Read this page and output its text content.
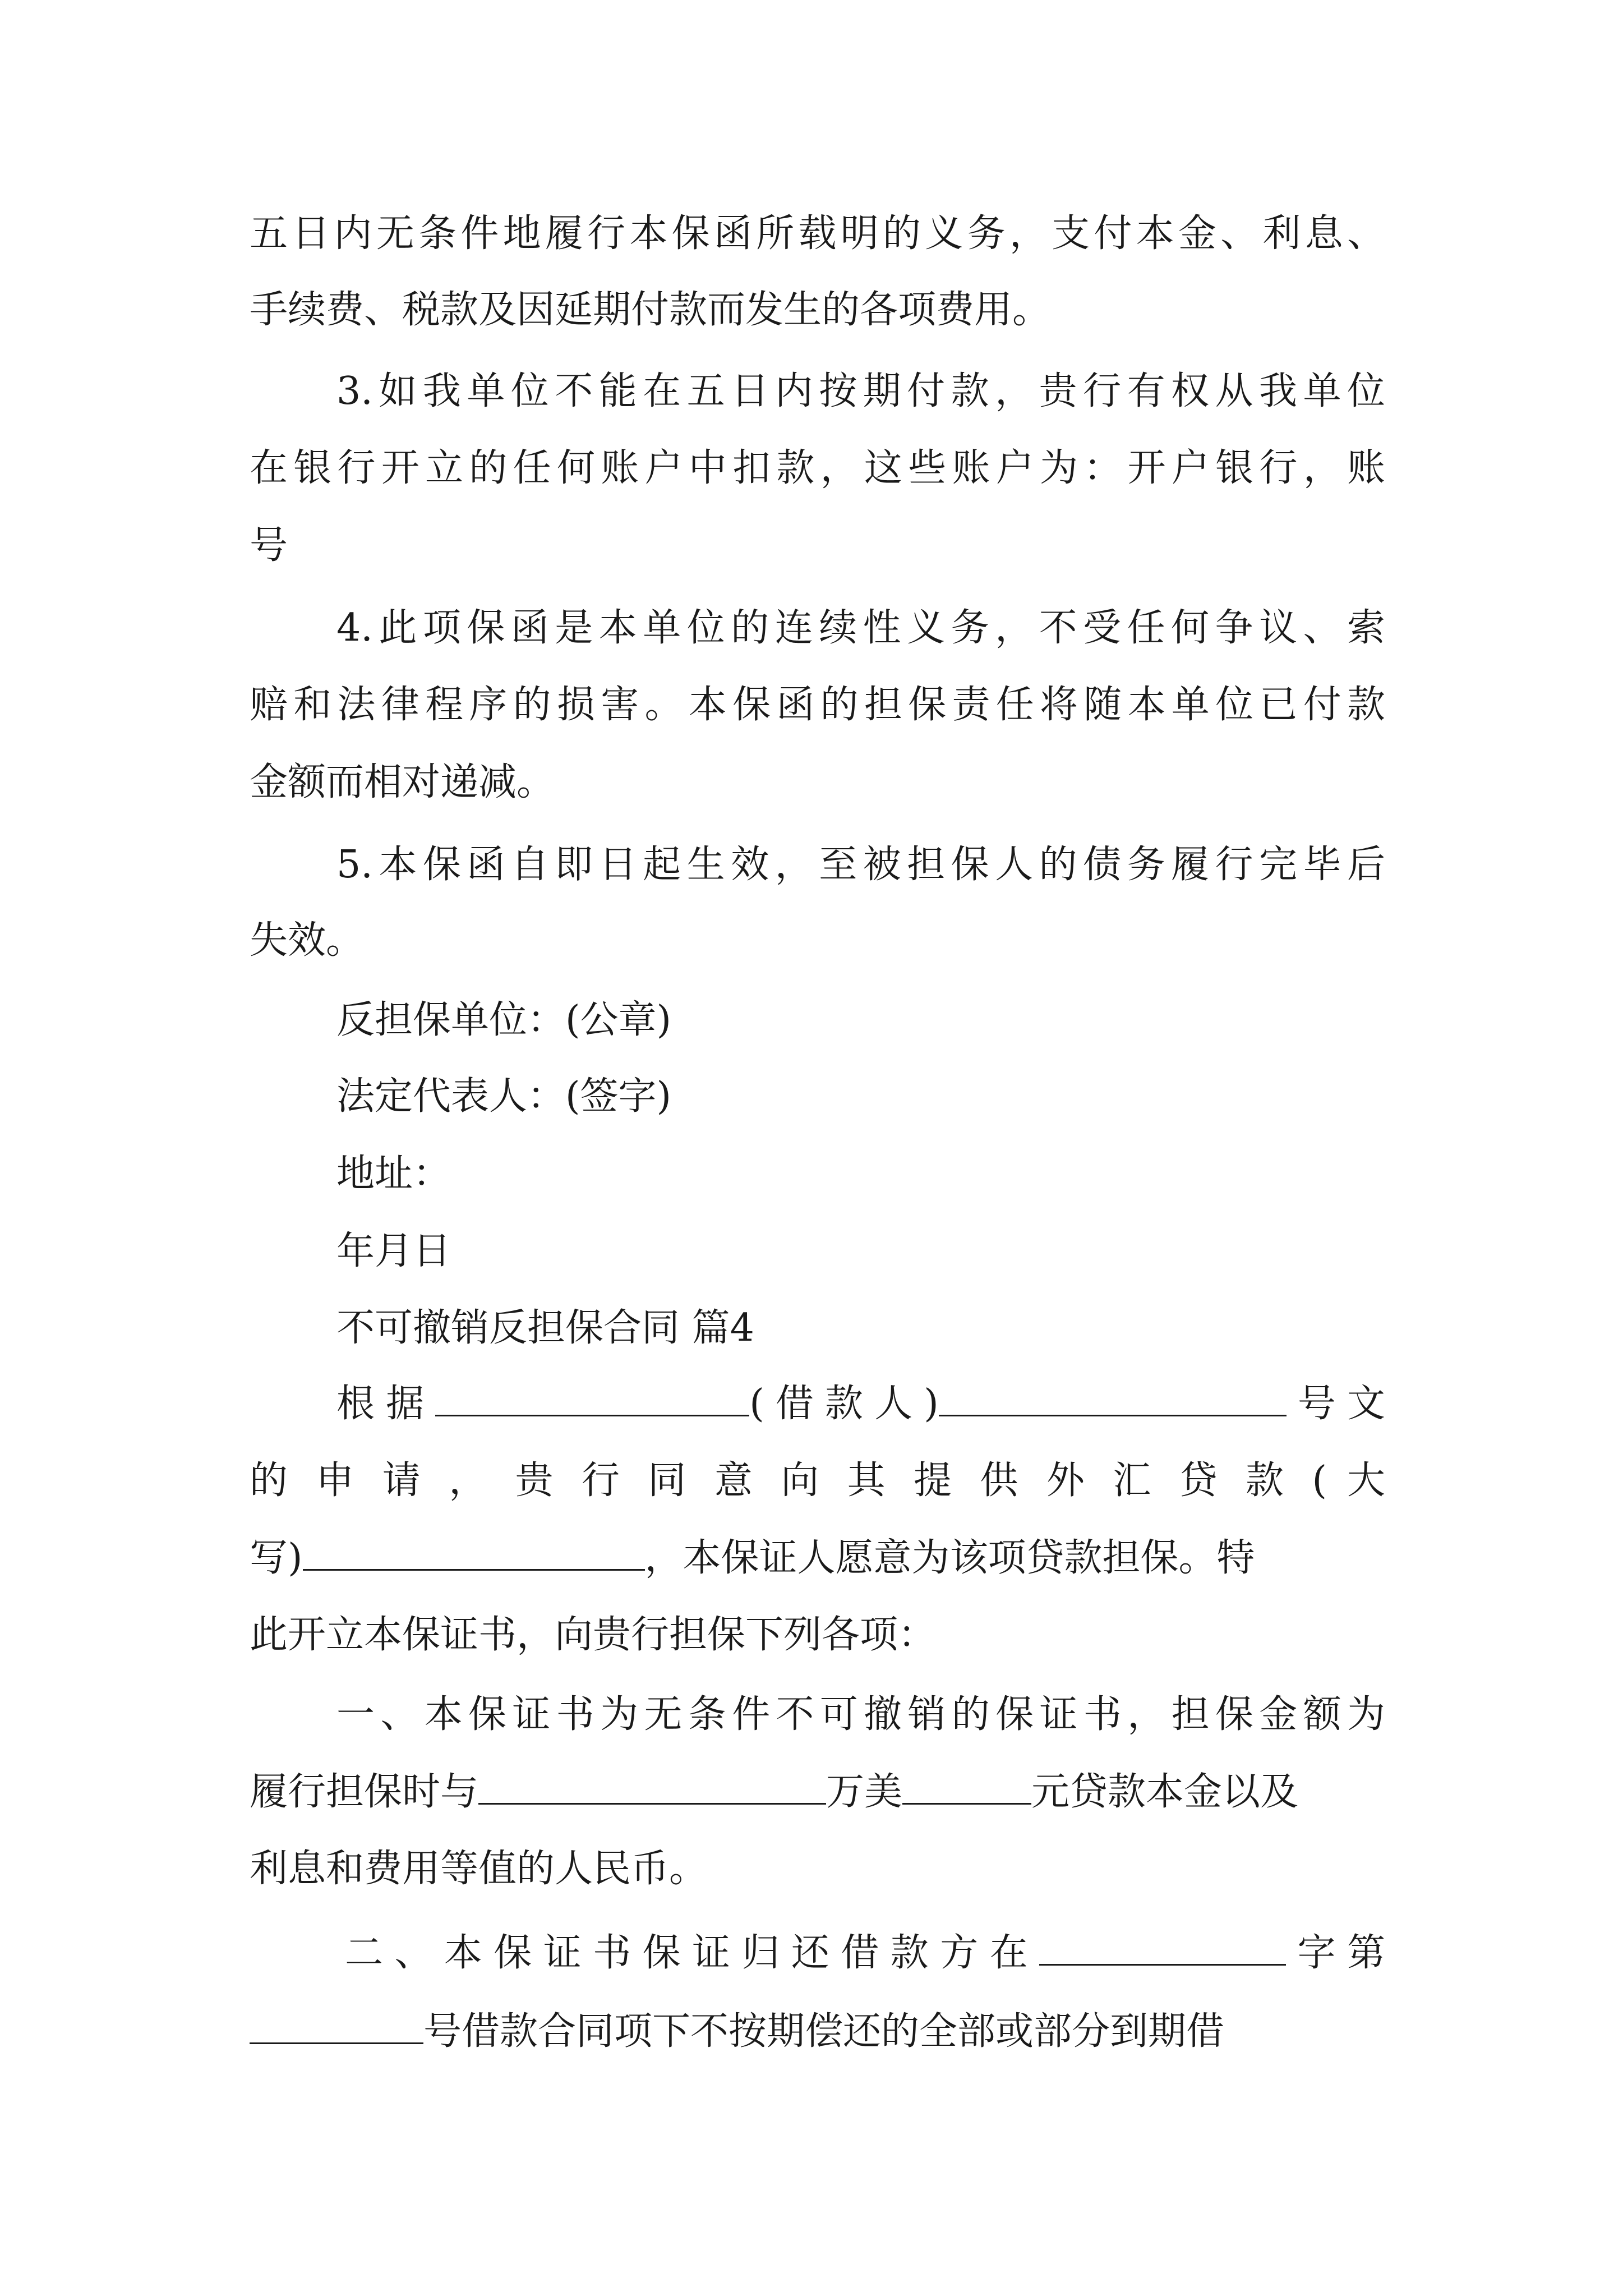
五日内无条件地履行本保函所载明的义务，支付本金、利息、
手续费、税款及因延期付款而发生的各项费用。
3.如我单位不能在五日内按期付款，贵行有权从我单位
在银行开立的任何账户中扣款，这些账户为：开户银行，账
号
4.此项保函是本单位的连续性义务，不受任何争议、索
赔和法律程序的损害。本保函的担保责任将随本单位已付款
金额而相对递减。
5.本保函自即日起生效，至被担保人的债务履行完毕后
失效。
反担保单位：(公章)
法定代表人：(签字)
地址：
年月日
不可撤销反担保合同 篇4
根据	(借款人)	号文
的 申 请 ， 贵 行 同 意 向 其 提 供 外 汇 贷 款 ( 大
写)	，本保证人愿意为该项贷款担保。特
此开立本保证书，向贵行担保下列各项：
一、本保证书为无条件不可撤销的保证书，担保金额为
履行担保时与	万美	元贷款本金以及
利息和费用等值的人民币。
二、本保证书保证归还借款方在	字第
号借款合同项下不按期偿还的全部或部分到期借
